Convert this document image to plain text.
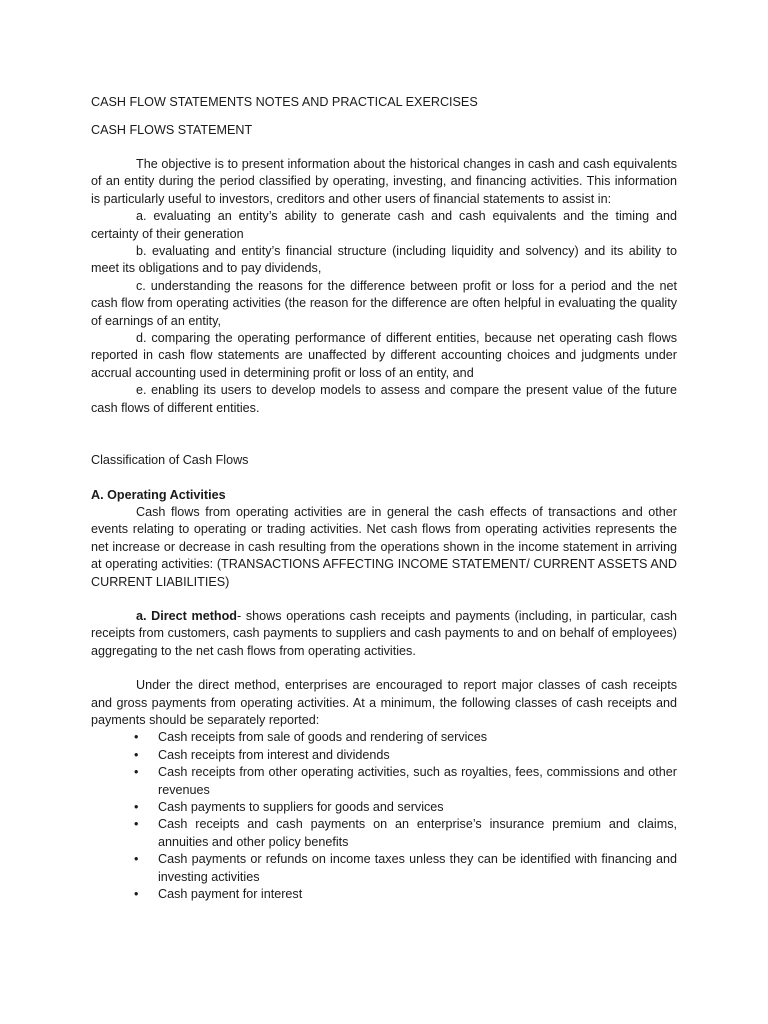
CASH FLOW STATEMENTS NOTES AND PRACTICAL EXERCISES
CASH FLOWS STATEMENT

The objective is to present information about the historical changes in cash and cash equivalents of an entity during the period classified by operating, investing, and financing activities. This information is particularly useful to investors, creditors and other users of financial statements to assist in:

a. evaluating an entity’s ability to generate cash and cash equivalents and the timing and certainty of their generation

b. evaluating and entity’s financial structure (including liquidity and solvency) and its ability to meet its obligations and to pay dividends,

c. understanding the reasons for the difference between profit or loss for a period and the net cash flow from operating activities (the reason for the difference are often helpful in evaluating the quality of earnings of an entity,

d. comparing the operating performance of different entities, because net operating cash flows reported in cash flow statements are unaffected by different accounting choices and judgments under accrual accounting used in determining profit or loss of an entity, and

e. enabling its users to develop models to assess and compare the present value of the future cash flows of different entities.

Classification of Cash Flows

A. Operating Activities

Cash flows from operating activities are in general the cash effects of transactions and other events relating to operating or trading activities. Net cash flows from operating activities represents the net increase or decrease in cash resulting from the operations shown in the income statement in arriving at operating activities: (TRANSACTIONS AFFECTING INCOME STATEMENT/ CURRENT ASSETS AND CURRENT LIABILITIES)

a. Direct method- shows operations cash receipts and payments (including, in particular, cash receipts from customers, cash payments to suppliers and cash payments to and on behalf of employees) aggregating to the net cash flows from operating activities.

Under the direct method, enterprises are encouraged to report major classes of cash receipts and gross payments from operating activities. At a minimum, the following classes of cash receipts and payments should be separately reported:

• Cash receipts from sale of goods and rendering of services
• Cash receipts from interest and dividends
• Cash receipts from other operating activities, such as royalties, fees, commissions and other revenues
• Cash payments to suppliers for goods and services
• Cash receipts and cash payments on an enterprise’s insurance premium and claims, annuities and other policy benefits
• Cash payments or refunds on income taxes unless they can be identified with financing and investing activities
• Cash payment for interest
